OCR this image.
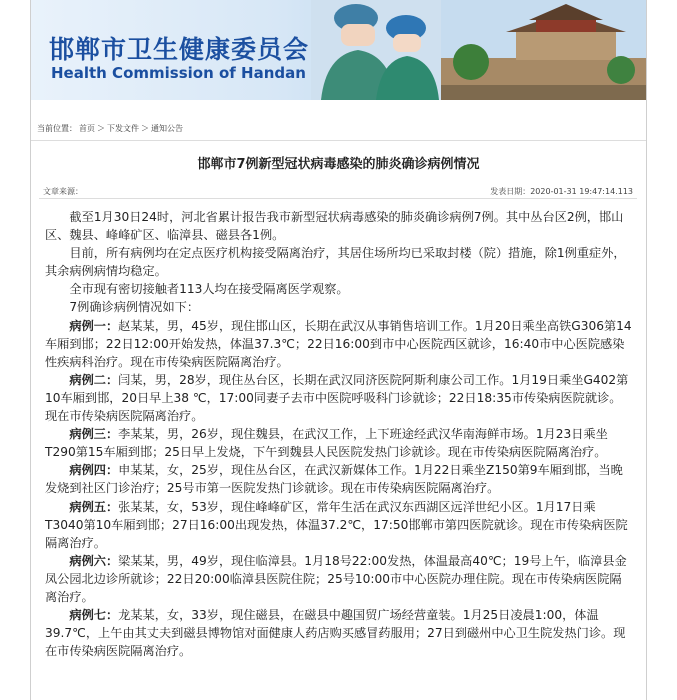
邯郸市卫生健康委员会
Health Commission of Handan
当前位置： 首页 ＞ 下发文件 ＞ 通知公告
邯郸市7例新型冠状病毒感染的肺炎确诊病例情况
文章来源：	发表日期：2020-01-31 19:47:14.113

截至1月30日24时，河北省累计报告我市新型冠状病毒感染的肺炎确诊病例7例。其中丛台区2例，邯山区、魏县、峰峰矿区、临漳县、磁县各1例。

目前，所有病例均在定点医疗机构接受隔离治疗，其居住场所均已采取封楼（院）措施，除1例重症外，其余病例病情均稳定。

全市现有密切接触者113人均在接受隔离医学观察。

7例确诊病例情况如下：

病例一：赵某某，男，45岁，现住邯山区，长期在武汉从事销售培训工作。1月20日乘坐高铁G306第14车厢到邯；22日12:00开始发热，体温37.3℃；22日16:00到市中心医院西区就诊，16:40市中心医院感染性疾病科治疗。现在市传染病医院隔离治疗。

病例二：闫某，男，28岁，现住丛台区，长期在武汉同济医院阿斯利康公司工作。1月19日乘坐G402第10车厢到邯，20日早上38 ℃，17:00同妻子去市中医院呼吸科门诊就诊；22日18:35市传染病医院就诊。现在市传染病医院隔离治疗。

病例三：李某某，男，26岁，现住魏县，在武汉工作，上下班途经武汉华南海鲜市场。1月23日乘坐T290第15车厢到邯；25日早上发烧，下午到魏县人民医院发热门诊就诊。现在市传染病医院隔离治疗。

病例四：申某某，女，25岁，现住丛台区，在武汉新媒体工作。1月22日乘坐Z150第9车厢到邯，当晚发烧到社区门诊治疗；25号市第一医院发热门诊就诊。现在市传染病医院隔离治疗。

病例五：张某某，女，53岁，现住峰峰矿区，常年生活在武汉东西湖区远洋世纪小区。1月17日乘T3040第10车厢到邯；27日16:00出现发热，体温37.2℃，17:50邯郸市第四医院就诊。现在市传染病医院隔离治疗。

病例六：梁某某，男，49岁，现住临漳县。1月18号22:00发热，体温最高40℃；19号上午，临漳县金凤公园北边诊所就诊；22日20:00临漳县医院住院；25号10:00市中心医院办理住院。现在市传染病医院隔离治疗。

病例七：龙某某，女，33岁，现住磁县，在磁县中趣国贸广场经营童装。1月25日凌晨1:00，体温39.7℃，上午由其丈夫到磁县博物馆对面健康人药店购买感冒药服用；27日到磁州中心卫生院发热门诊。现在市传染病医院隔离治疗。
